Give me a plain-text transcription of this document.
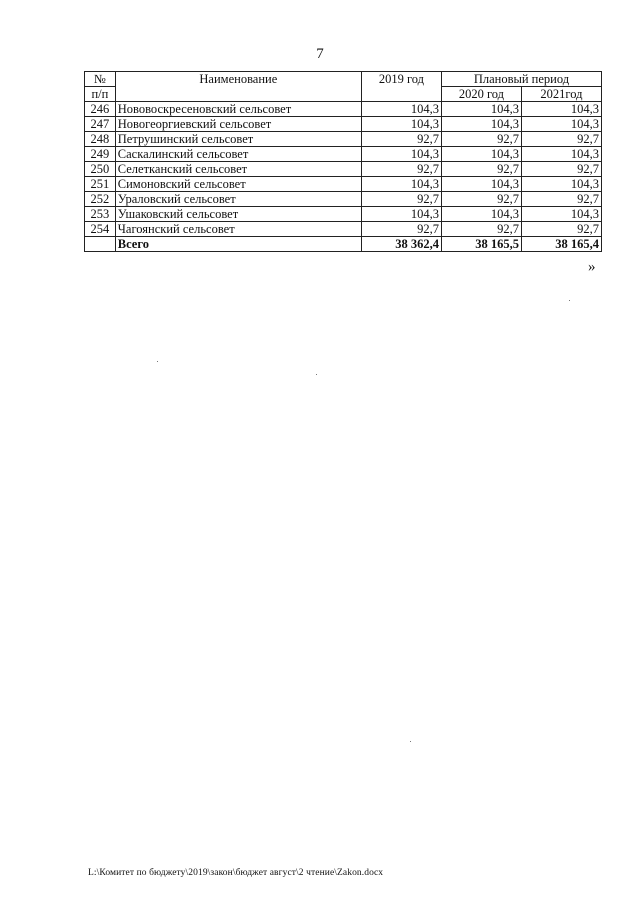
7
№	Наименование	2019 год	Плановый период	
п/п			2020 год	2021год
246	Нововоскресеновский сельсовет	104,3	104,3	104,3
247	Новогеоргиевский сельсовет	104,3	104,3	104,3
248	Петрушинский сельсовет	92,7	92,7	92,7
249	Саскалинский сельсовет	104,3	104,3	104,3
250	Селетканский сельсовет	92,7	92,7	92,7
251	Симоновский сельсовет	104,3	104,3	104,3
252	Ураловский сельсовет	92,7	92,7	92,7
253	Ушаковский сельсовет	104,3	104,3	104,3
254	Чагоянский сельсовет	92,7	92,7	92,7
	Всего	38 362,4	38 165,5	38 165,4
»
L:\Комитет по бюджету\2019\закон\бюджет август\2 чтение\Zakon.docx
